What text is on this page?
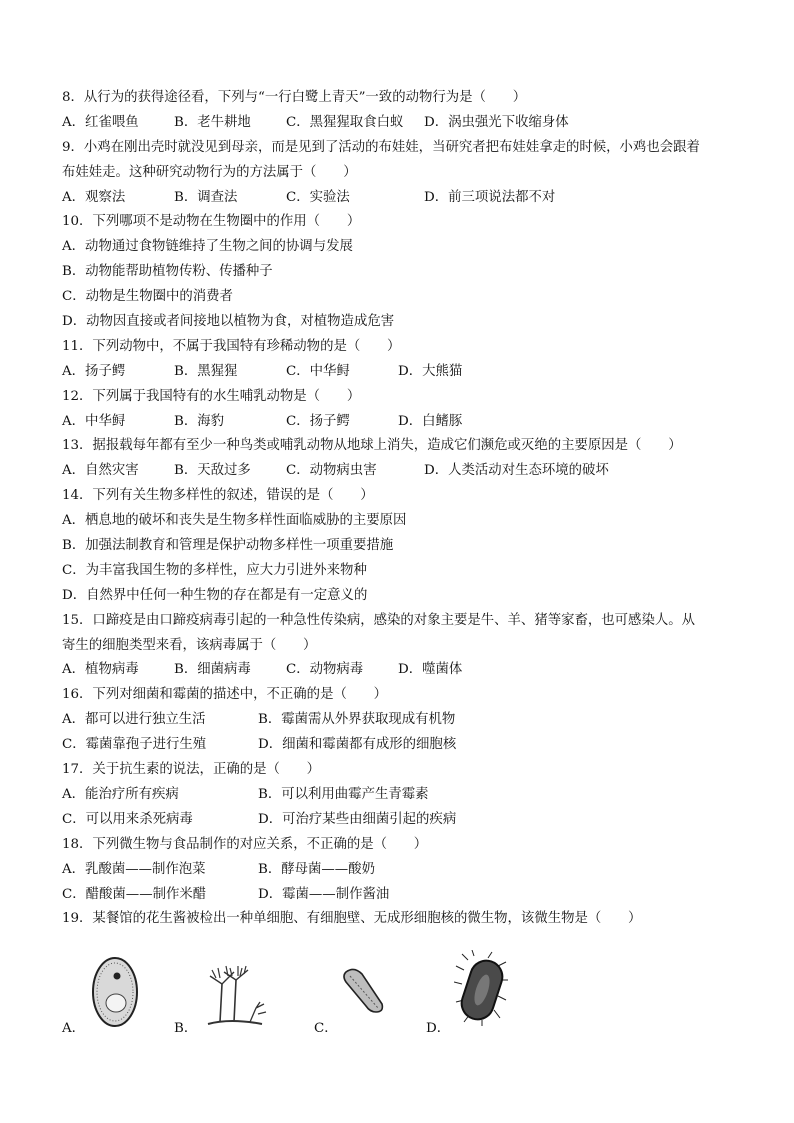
8．从行为的获得途径看，下列与“一行白鹭上青天”一致的动物行为是（　　）
A．红雀喂鱼	B．老牛耕地	C．黑猩猩取食白蚁	D．涡虫强光下收缩身体
9．小鸡在刚出壳时就没见到母亲，而是见到了活动的布娃娃，当研究者把布娃娃拿走的时候，小鸡也会跟着
布娃娃走。这种研究动物行为的方法属于（　　）
A．观察法	B．调查法	C．实验法	D．前三项说法都不对
10．下列哪项不是动物在生物圈中的作用（　　）
A．动物通过食物链维持了生物之间的协调与发展
B．动物能帮助植物传粉、传播种子
C．动物是生物圈中的消费者
D．动物因直接或者间接地以植物为食，对植物造成危害
11．下列动物中，不属于我国特有珍稀动物的是（　　）
A．扬子鳄	B．黑猩猩	C．中华鲟	D．大熊猫
12．下列属于我国特有的水生哺乳动物是（　　）
A．中华鲟	B．海豹	C．扬子鳄	D．白鳍豚
13．据报载每年都有至少一种鸟类或哺乳动物从地球上消失，造成它们濒危或灭绝的主要原因是（　　）
A．自然灾害	B．天敌过多	C．动物病虫害	D．人类活动对生态环境的破坏
14．下列有关生物多样性的叙述，错误的是（　　）
A．栖息地的破坏和丧失是生物多样性面临威胁的主要原因
B．加强法制教育和管理是保护动物多样性一项重要措施
C．为丰富我国生物的多样性，应大力引进外来物种
D．自然界中任何一种生物的存在都是有一定意义的
15．口蹄疫是由口蹄疫病毒引起的一种急性传染病，感染的对象主要是牛、羊、猪等家畜，也可感染人。从
寄生的细胞类型来看，该病毒属于（　　）
A．植物病毒	B．细菌病毒	C．动物病毒	D．噬菌体
16．下列对细菌和霉菌的描述中，不正确的是（　　）
A．都可以进行独立生活	B．霉菌需从外界获取现成有机物
C．霉菌靠孢子进行生殖	D．细菌和霉菌都有成形的细胞核
17．关于抗生素的说法，正确的是（　　）
A．能治疗所有疾病	B．可以利用曲霉产生青霉素
C．可以用来杀死病毒	D．可治疗某些由细菌引起的疾病
18．下列微生物与食品制作的对应关系，不正确的是（　　）
A．乳酸菌——制作泡菜	B．酵母菌——酸奶
C．醋酸菌——制作米醋	D．霉菌——制作酱油
19．某餐馆的花生酱被检出一种单细胞、有细胞壁、无成形细胞核的微生物，该微生物是（　　）
A．	B．	C．	D．
